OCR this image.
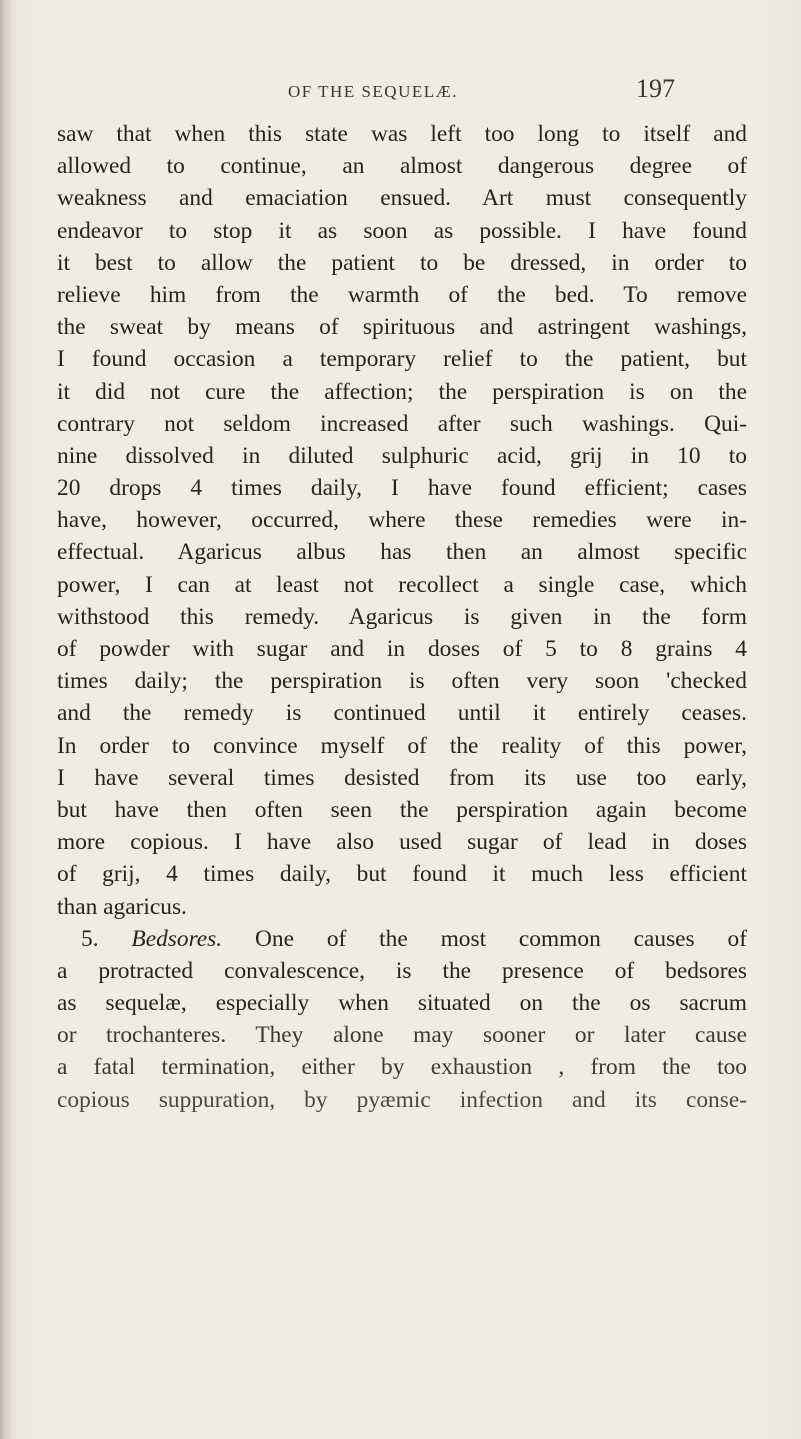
OF THE SEQUELÆ.	197
saw that when this state was left too long to itself and
allowed to continue, an almost dangerous degree of
weakness and emaciation ensued. Art must consequently
endeavor to stop it as soon as possible. I have found
it best to allow the patient to be dressed, in order to
relieve him from the warmth of the bed. To remove
the sweat by means of spirituous and astringent washings,
I found occasion a temporary relief to the patient, but
it did not cure the affection; the perspiration is on the
contrary not seldom increased after such washings. Qui-
nine dissolved in diluted sulphuric acid, grij in 10 to
20 drops 4 times daily, I have found efficient; cases
have, however, occurred, where these remedies were in-
effectual. Agaricus albus has then an almost specific
power, I can at least not recollect a single case, which
withstood this remedy. Agaricus is given in the form
of powder with sugar and in doses of 5 to 8 grains 4
times daily; the perspiration is often very soon 'checked
and the remedy is continued until it entirely ceases.
In order to convince myself of the reality of this power,
I have several times desisted from its use too early,
but have then often seen the perspiration again become
more copious. I have also used sugar of lead in doses
of grij, 4 times daily, but found it much less efficient
than agaricus.
5. Bedsores. One of the most common causes of
a protracted convalescence, is the presence of bedsores
as sequelæ, especially when situated on the os sacrum
or trochanteres. They alone may sooner or later cause
a fatal termination, either by exhaustion , from the too
copious suppuration, by pyæmic infection and its conse-
